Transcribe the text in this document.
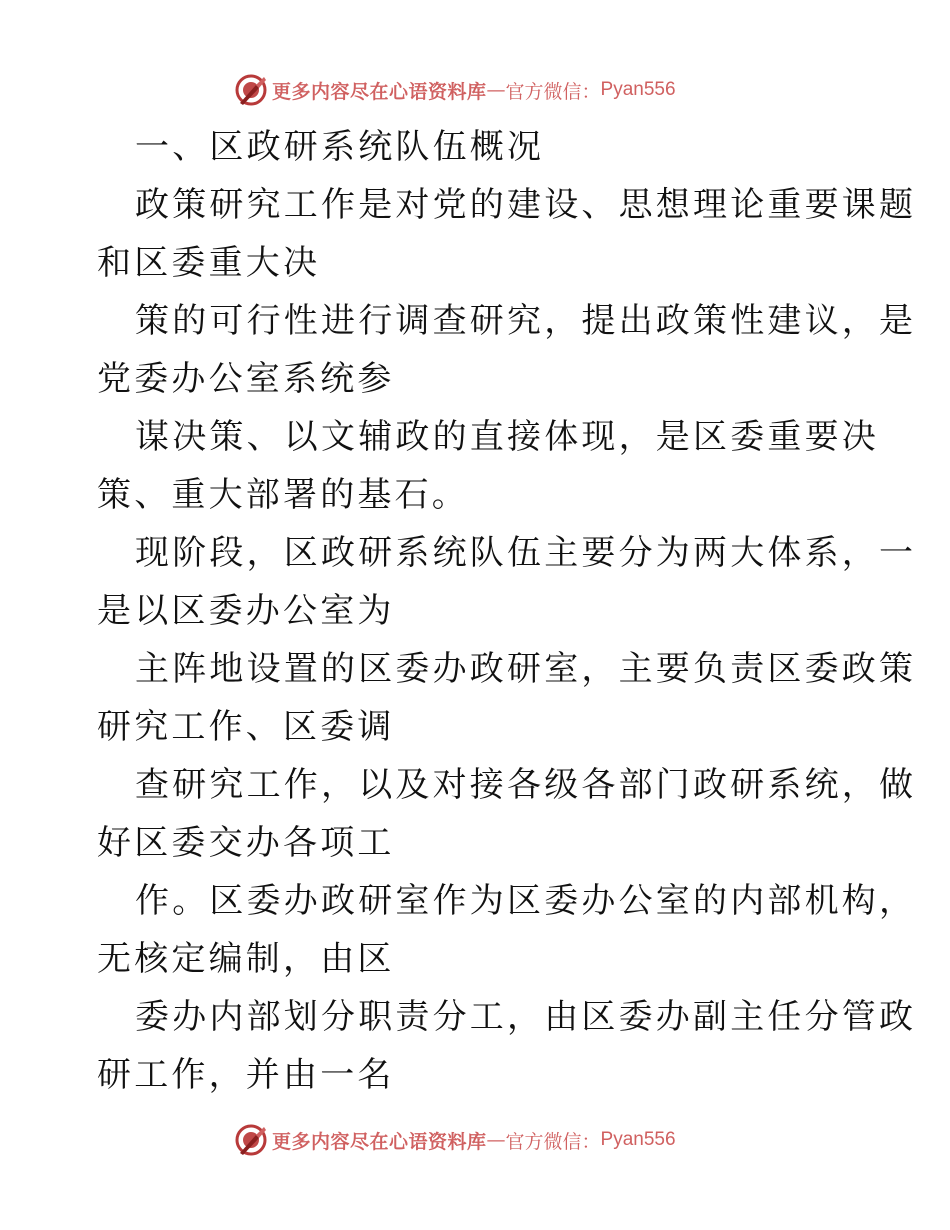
更多内容尽在心语资料库 — 官方微信： Pyan556

一、区政研系统队伍概况

政策研究工作是对党的建设、思想理论重要课题

和区委重大决

策的可行性进行调查研究，提出政策性建议，是

党委办公室系统参

谋决策、以文辅政的直接体现，是区委重要决

策、重大部署的基石。

现阶段，区政研系统队伍主要分为两大体系，一

是以区委办公室为

主阵地设置的区委办政研室，主要负责区委政策

研究工作、区委调

查研究工作，以及对接各级各部门政研系统，做

好区委交办各项工

作。区委办政研室作为区委办公室的内部机构，

无核定编制，由区

委办内部划分职责分工，由区委办副主任分管政

研工作，并由一名

更多内容尽在心语资料库 — 官方微信： Pyan556
